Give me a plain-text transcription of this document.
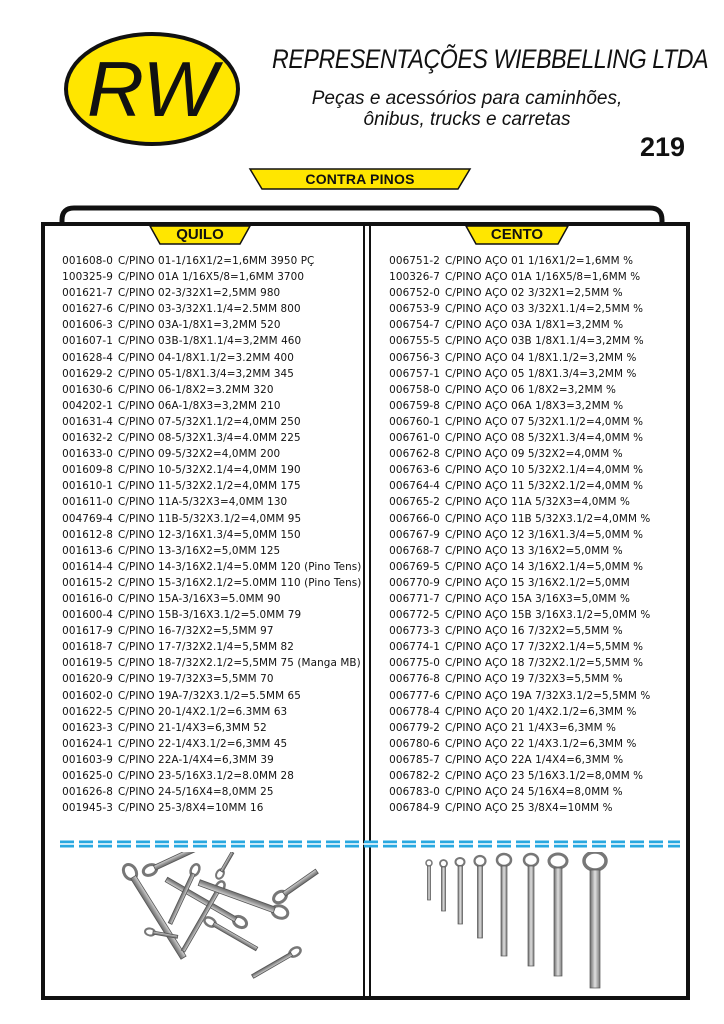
RW REPRESENTAÇÕES WIEBBELLING LTDA
Peças e acessórios para caminhões,
ônibus, trucks e carretas
219
CONTRA PINOS
QUILO	CENTO
001608-0 C/PINO 01-1/16X1/2=1,6MM 3950 PÇ
100325-9 C/PINO 01A 1/16X5/8=1,6MM 3700
001621-7 C/PINO 02-3/32X1=2,5MM 980
001627-6 C/PINO 03-3/32X1.1/4=2.5MM 800
001606-3 C/PINO 03A-1/8X1=3,2MM 520
001607-1 C/PINO 03B-1/8X1.1/4=3,2MM 460
001628-4 C/PINO 04-1/8X1.1/2=3.2MM 400
001629-2 C/PINO 05-1/8X1.3/4=3,2MM 345
001630-6 C/PINO 06-1/8X2=3.2MM 320
004202-1 C/PINO 06A-1/8X3=3,2MM 210
001631-4 C/PINO 07-5/32X1.1/2=4,0MM 250
001632-2 C/PINO 08-5/32X1.3/4=4.0MM 225
001633-0 C/PINO 09-5/32X2=4,0MM 200
001609-8 C/PINO 10-5/32X2.1/4=4,0MM 190
001610-1 C/PINO 11-5/32X2.1/2=4,0MM 175
001611-0 C/PINO 11A-5/32X3=4,0MM 130
004769-4 C/PINO 11B-5/32X3.1/2=4,0MM 95
001612-8 C/PINO 12-3/16X1.3/4=5,0MM 150
001613-6 C/PINO 13-3/16X2=5,0MM 125
001614-4 C/PINO 14-3/16X2.1/4=5.0MM 120 (Pino Tens)
001615-2 C/PINO 15-3/16X2.1/2=5.0MM 110 (Pino Tens)
001616-0 C/PINO 15A-3/16X3=5.0MM 90
001600-4 C/PINO 15B-3/16X3.1/2=5.0MM 79
001617-9 C/PINO 16-7/32X2=5,5MM 97
001618-7 C/PINO 17-7/32X2.1/4=5,5MM 82
001619-5 C/PINO 18-7/32X2.1/2=5,5MM 75 (Manga MB)
001620-9 C/PINO 19-7/32X3=5,5MM 70
001602-0 C/PINO 19A-7/32X3.1/2=5.5MM 65
001622-5 C/PINO 20-1/4X2.1/2=6.3MM 63
001623-3 C/PINO 21-1/4X3=6,3MM 52
001624-1 C/PINO 22-1/4X3.1/2=6,3MM 45
001603-9 C/PINO 22A-1/4X4=6,3MM 39
001625-0 C/PINO 23-5/16X3.1/2=8.0MM 28
001626-8 C/PINO 24-5/16X4=8,0MM 25
001945-3 C/PINO 25-3/8X4=10MM 16
006751-2 C/PINO AÇO 01 1/16X1/2=1,6MM %
100326-7 C/PINO AÇO 01A 1/16X5/8=1,6MM %
006752-0 C/PINO AÇO 02 3/32X1=2,5MM %
006753-9 C/PINO AÇO 03 3/32X1.1/4=2,5MM %
006754-7 C/PINO AÇO 03A 1/8X1=3,2MM %
006755-5 C/PINO AÇO 03B 1/8X1.1/4=3,2MM %
006756-3 C/PINO AÇO 04 1/8X1.1/2=3,2MM %
006757-1 C/PINO AÇO 05 1/8X1.3/4=3,2MM %
006758-0 C/PINO AÇO 06 1/8X2=3,2MM %
006759-8 C/PINO AÇO 06A 1/8X3=3,2MM %
006760-1 C/PINO AÇO 07 5/32X1.1/2=4,0MM %
006761-0 C/PINO AÇO 08 5/32X1.3/4=4,0MM %
006762-8 C/PINO AÇO 09 5/32X2=4,0MM %
006763-6 C/PINO AÇO 10 5/32X2.1/4=4,0MM %
006764-4 C/PINO AÇO 11 5/32X2.1/2=4,0MM %
006765-2 C/PINO AÇO 11A 5/32X3=4,0MM %
006766-0 C/PINO AÇO 11B 5/32X3.1/2=4,0MM %
006767-9 C/PINO AÇO 12 3/16X1.3/4=5,0MM %
006768-7 C/PINO AÇO 13 3/16X2=5,0MM %
006769-5 C/PINO AÇO 14 3/16X2.1/4=5,0MM %
006770-9 C/PINO AÇO 15 3/16X2.1/2=5,0MM
006771-7 C/PINO AÇO 15A 3/16X3=5,0MM %
006772-5 C/PINO AÇO 15B 3/16X3.1/2=5,0MM %
006773-3 C/PINO AÇO 16 7/32X2=5,5MM %
006774-1 C/PINO AÇO 17 7/32X2.1/4=5,5MM %
006775-0 C/PINO AÇO 18 7/32X2.1/2=5,5MM %
006776-8 C/PINO AÇO 19 7/32X3=5,5MM %
006777-6 C/PINO AÇO 19A 7/32X3.1/2=5,5MM %
006778-4 C/PINO AÇO 20 1/4X2.1/2=6,3MM %
006779-2 C/PINO AÇO 21 1/4X3=6,3MM %
006780-6 C/PINO AÇO 22 1/4X3.1/2=6,3MM %
006785-7 C/PINO AÇO 22A 1/4X4=6,3MM %
006782-2 C/PINO AÇO 23 5/16X3.1/2=8,0MM %
006783-0 C/PINO AÇO 24 5/16X4=8,0MM %
006784-9 C/PINO AÇO 25 3/8X4=10MM %
